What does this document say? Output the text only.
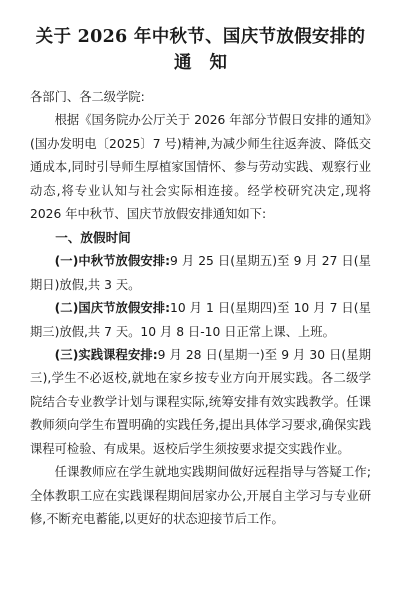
关于 2026 年中秋节、国庆节放假安排的
通知

各部门、各二级学院:

根据《国务院办公厅关于 2026 年部分节假日安排的通知》(国办发明电〔2025〕7 号)精神,为减少师生往返奔波、降低交通成本,同时引导师生厚植家国情怀、参与劳动实践、观察行业动态,将专业认知与社会实际相连接。经学校研究决定,现将 2026 年中秋节、国庆节放假安排通知如下:

一、放假时间

(一)中秋节放假安排:9 月 25 日(星期五)至 9 月 27 日(星期日)放假,共 3 天。

(二)国庆节放假安排:10 月 1 日(星期四)至 10 月 7 日(星期三)放假,共 7 天。10 月 8 日-10 日正常上课、上班。

(三)实践课程安排:9 月 28 日(星期一)至 9 月 30 日(星期三),学生不必返校,就地在家乡按专业方向开展实践。各二级学院结合专业教学计划与课程实际,统筹安排有效实践教学。任课教师须向学生布置明确的实践任务,提出具体学习要求,确保实践课程可检验、有成果。返校后学生须按要求提交实践作业。

任课教师应在学生就地实践期间做好远程指导与答疑工作;全体教职工应在实践课程期间居家办公,开展自主学习与专业研修,不断充电蓄能,以更好的状态迎接节后工作。
